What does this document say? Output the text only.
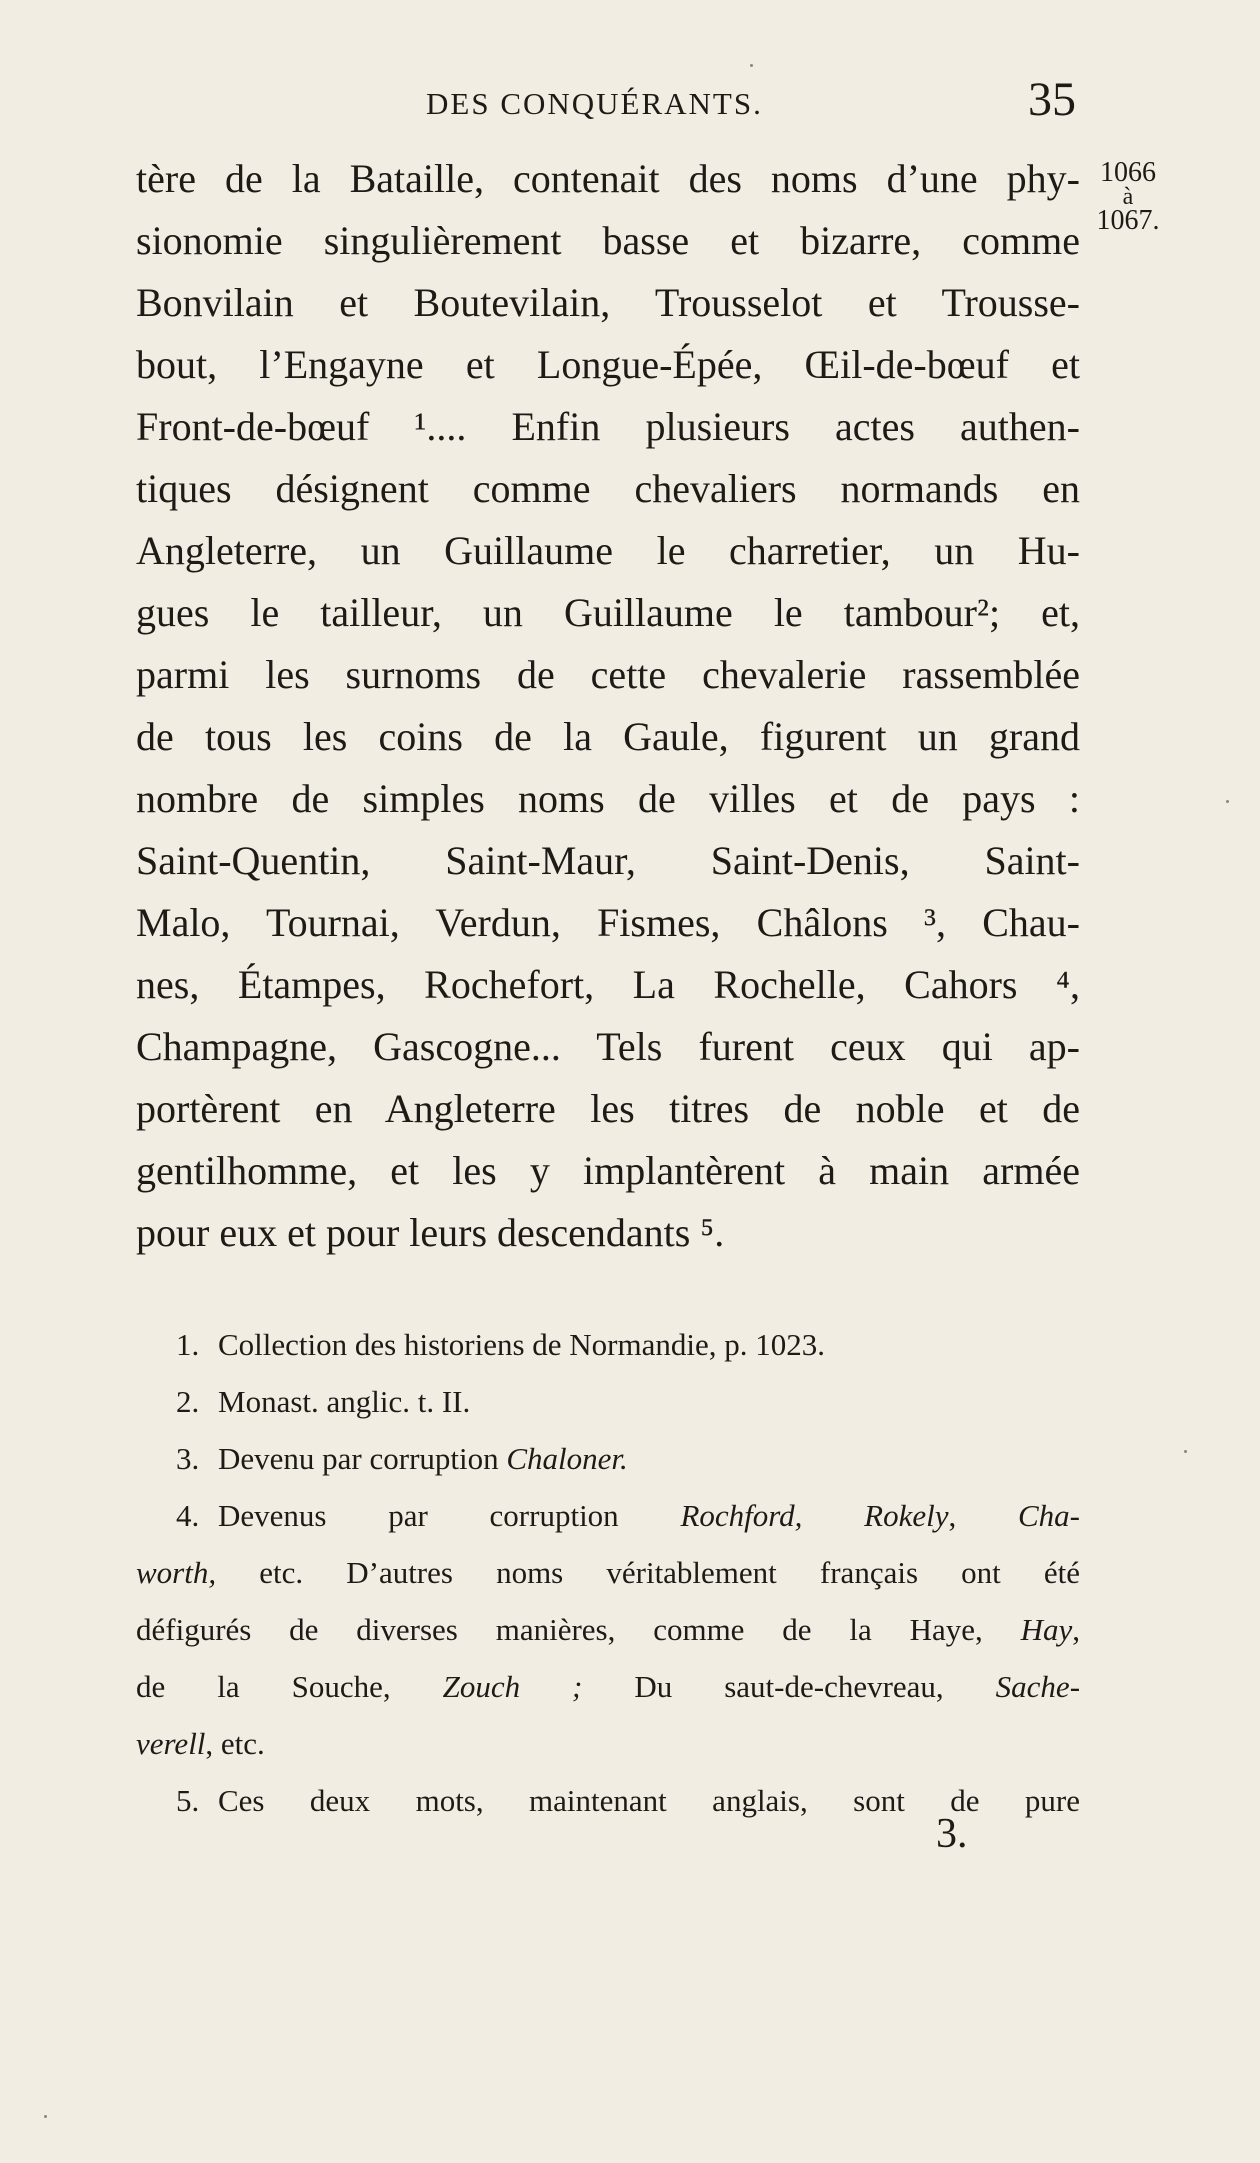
DES CONQUÉRANTS.	35
1066
à
1067.
tère de la Bataille, contenait des noms d’une phy-
sionomie singulièrement basse et bizarre, comme
Bonvilain et Boutevilain, Trousselot et Trousse-
bout, l’Engayne et Longue-Épée, Œil-de-bœuf et
Front-de-bœuf ¹.... Enfin plusieurs actes authen-
tiques désignent comme chevaliers normands en
Angleterre, un Guillaume le charretier, un Hu-
gues le tailleur, un Guillaume le tambour²; et,
parmi les surnoms de cette chevalerie rassemblée
de tous les coins de la Gaule, figurent un grand
nombre de simples noms de villes et de pays :
Saint-Quentin, Saint-Maur, Saint-Denis, Saint-
Malo, Tournai, Verdun, Fismes, Châlons ³, Chau-
nes, Étampes, Rochefort, La Rochelle, Cahors ⁴,
Champagne, Gascogne... Tels furent ceux qui ap-
portèrent en Angleterre les titres de noble et de
gentilhomme, et les y implantèrent à main armée
pour eux et pour leurs descendants ⁵.
1. Collection des historiens de Normandie, p. 1023.
2. Monast. anglic. t. II.
3. Devenu par corruption Chaloner.
4. Devenus par corruption Rochford, Rokely, Cha-
worth, etc. D’autres noms véritablement français ont été
défigurés de diverses manières, comme de la Haye, Hay,
de la Souche, Zouch ; Du saut-de-chevreau, Sache-
verell, etc.
5. Ces deux mots, maintenant anglais, sont de pure
3.
